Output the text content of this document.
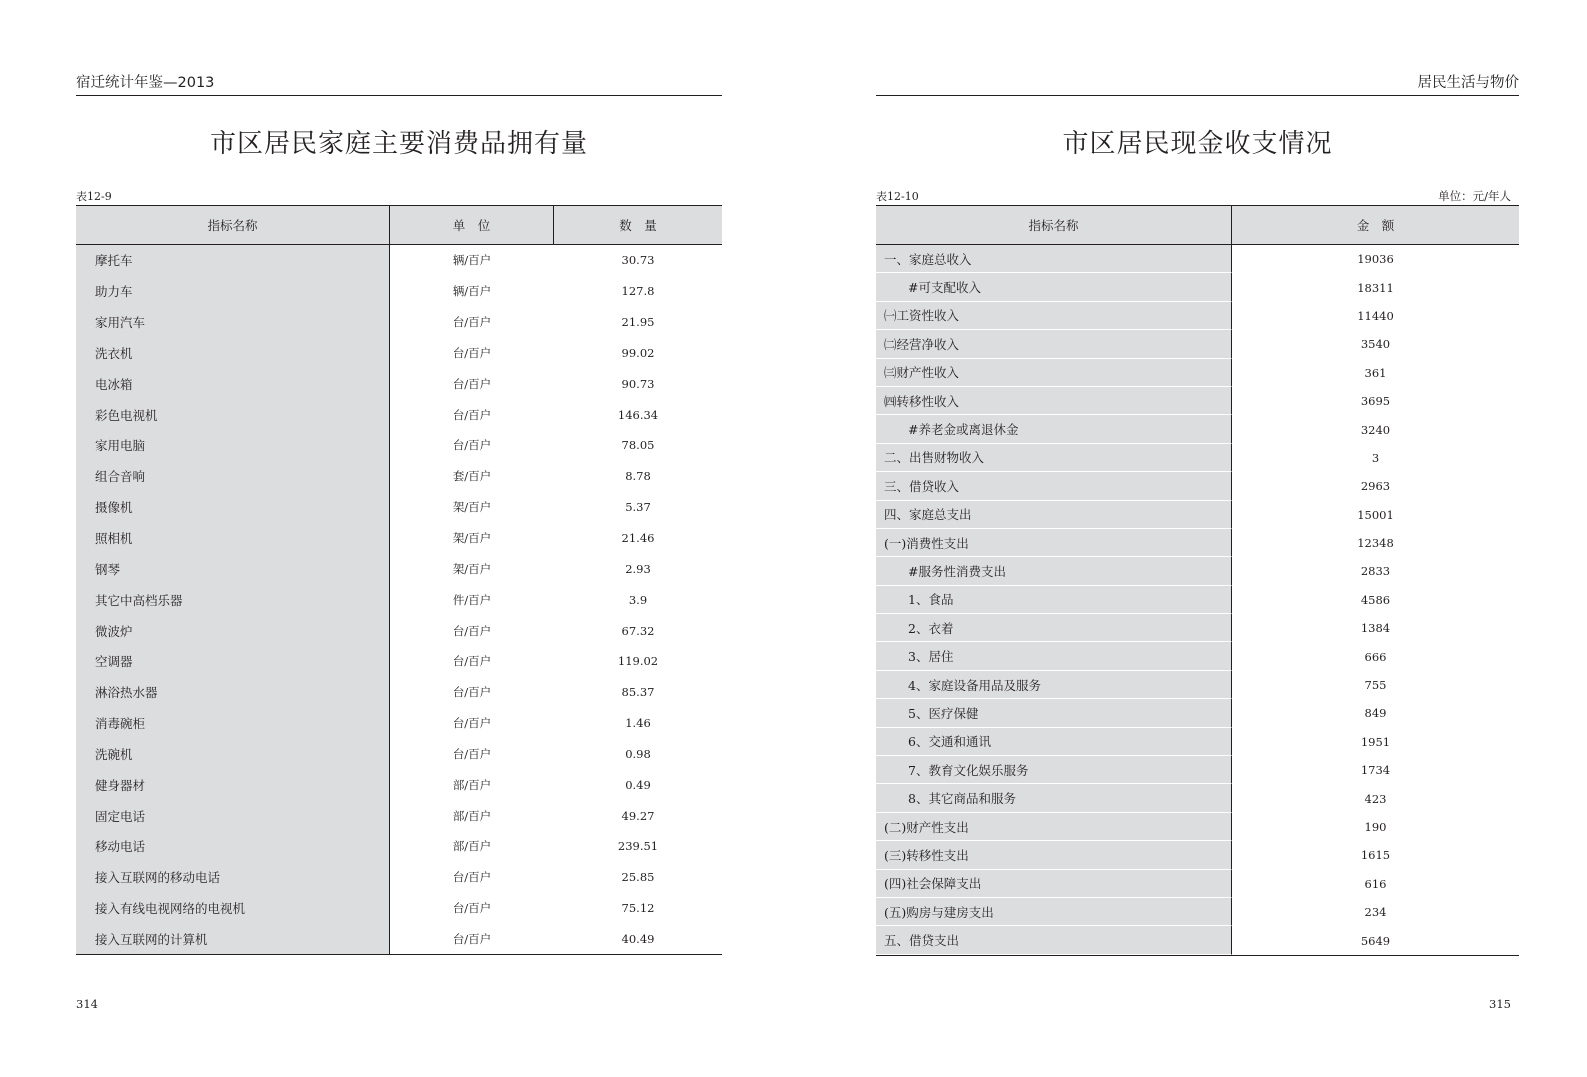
宿迁统计年鉴—2013
市区居民家庭主要消费品拥有量
表12-9
指标名称	单　位	数　量
摩托车	辆/百户	30.73
助力车	辆/百户	127.8
家用汽车	台/百户	21.95
洗衣机	台/百户	99.02
电冰箱	台/百户	90.73
彩色电视机	台/百户	146.34
家用电脑	台/百户	78.05
组合音响	套/百户	8.78
摄像机	架/百户	5.37
照相机	架/百户	21.46
钢琴	架/百户	2.93
其它中高档乐器	件/百户	3.9
微波炉	台/百户	67.32
空调器	台/百户	119.02
淋浴热水器	台/百户	85.37
消毒碗柜	台/百户	1.46
洗碗机	台/百户	0.98
健身器材	部/百户	0.49
固定电话	部/百户	49.27
移动电话	部/百户	239.51
接入互联网的移动电话	台/百户	25.85
接入有线电视网络的电视机	台/百户	75.12
接入互联网的计算机	台/百户	40.49
314
居民生活与物价
市区居民现金收支情况
表12-10	单位：元/年人
指标名称	金　额
一、家庭总收入	19036
#可支配收入	18311
㈠工资性收入	11440
㈡经营净收入	3540
㈢财产性收入	361
㈣转移性收入	3695
#养老金或离退休金	3240
二、出售财物收入	3
三、借贷收入	2963
四、家庭总支出	15001
(一)消费性支出	12348
#服务性消费支出	2833
1、食品	4586
2、衣着	1384
3、居住	666
4、家庭设备用品及服务	755
5、医疗保健	849
6、交通和通讯	1951
7、教育文化娱乐服务	1734
8、其它商品和服务	423
(二)财产性支出	190
(三)转移性支出	1615
(四)社会保障支出	616
(五)购房与建房支出	234
五、借贷支出	5649
315
